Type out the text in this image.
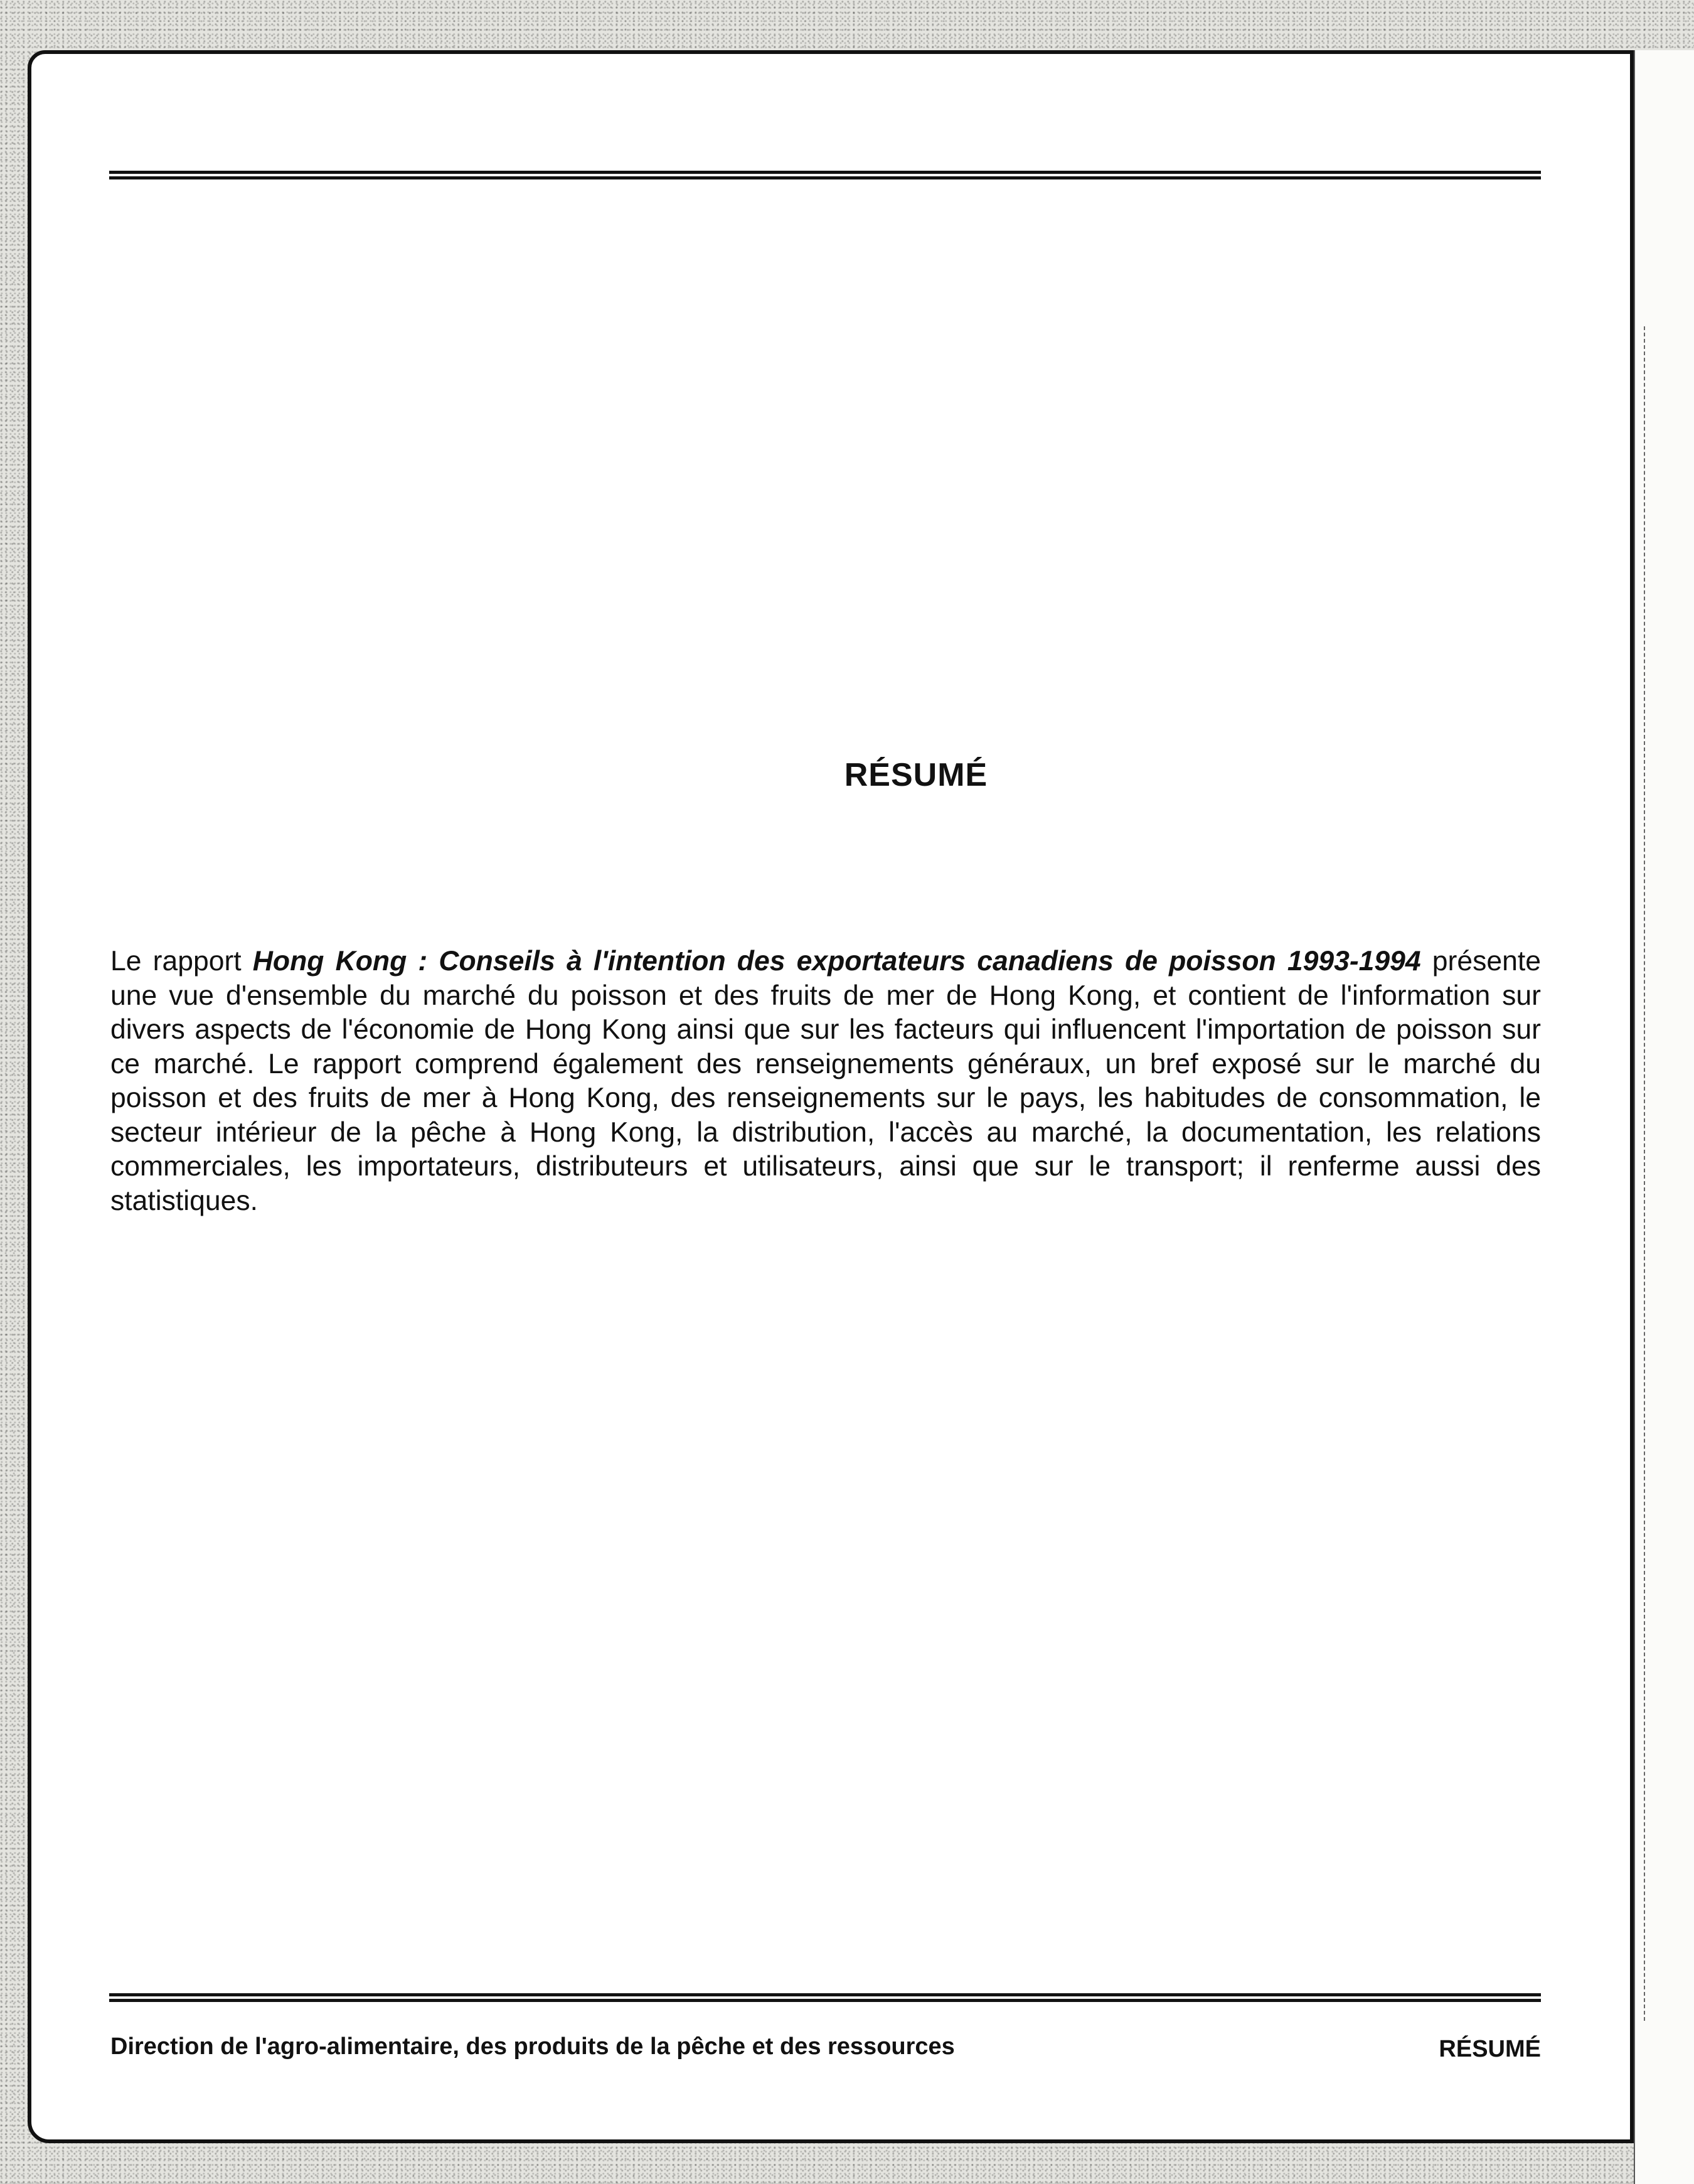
RÉSUMÉ

Le rapport Hong Kong : Conseils à l'intention des exportateurs canadiens de poisson 1993-1994 présente une vue d'ensemble du marché du poisson et des fruits de mer de Hong Kong, et contient de l'information sur divers aspects de l'économie de Hong Kong ainsi que sur les facteurs qui influencent l'importation de poisson sur ce marché. Le rapport comprend également des renseignements généraux, un bref exposé sur le marché du poisson et des fruits de mer à Hong Kong, des renseignements sur le pays, les habitudes de consommation, le secteur intérieur de la pêche à Hong Kong, la distribution, l'accès au marché, la documentation, les relations commerciales, les importateurs, distributeurs et utilisateurs, ainsi que sur le transport; il renferme aussi des statistiques.

Direction de l'agro-alimentaire, des produits de la pêche et des ressources	RÉSUMÉ
